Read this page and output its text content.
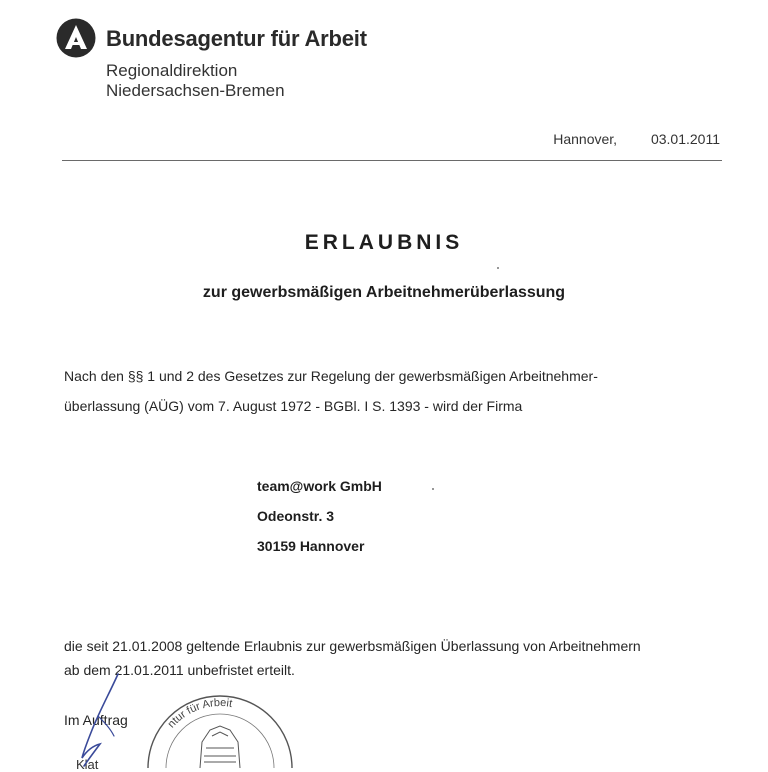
Bundesagentur für Arbeit
Regionaldirektion
Niedersachsen-Bremen
Hannover, 03.01.2011
ERLAUBNIS
zur gewerbsmäßigen Arbeitnehmerüberlassung
Nach den §§ 1 und 2 des Gesetzes zur Regelung der gewerbsmäßigen Arbeitnehmer-
überlassung (AÜG) vom 7. August 1972 - BGBl. I S. 1393 - wird der Firma
team@work GmbH
Odeonstr. 3
30159 Hannover
die seit 21.01.2008 geltende Erlaubnis zur gewerbsmäßigen Überlassung von Arbeitnehmern
ab dem 21.01.2011 unbefristet erteilt.
Im Auftrag
Klat
ntur für Arbeit
